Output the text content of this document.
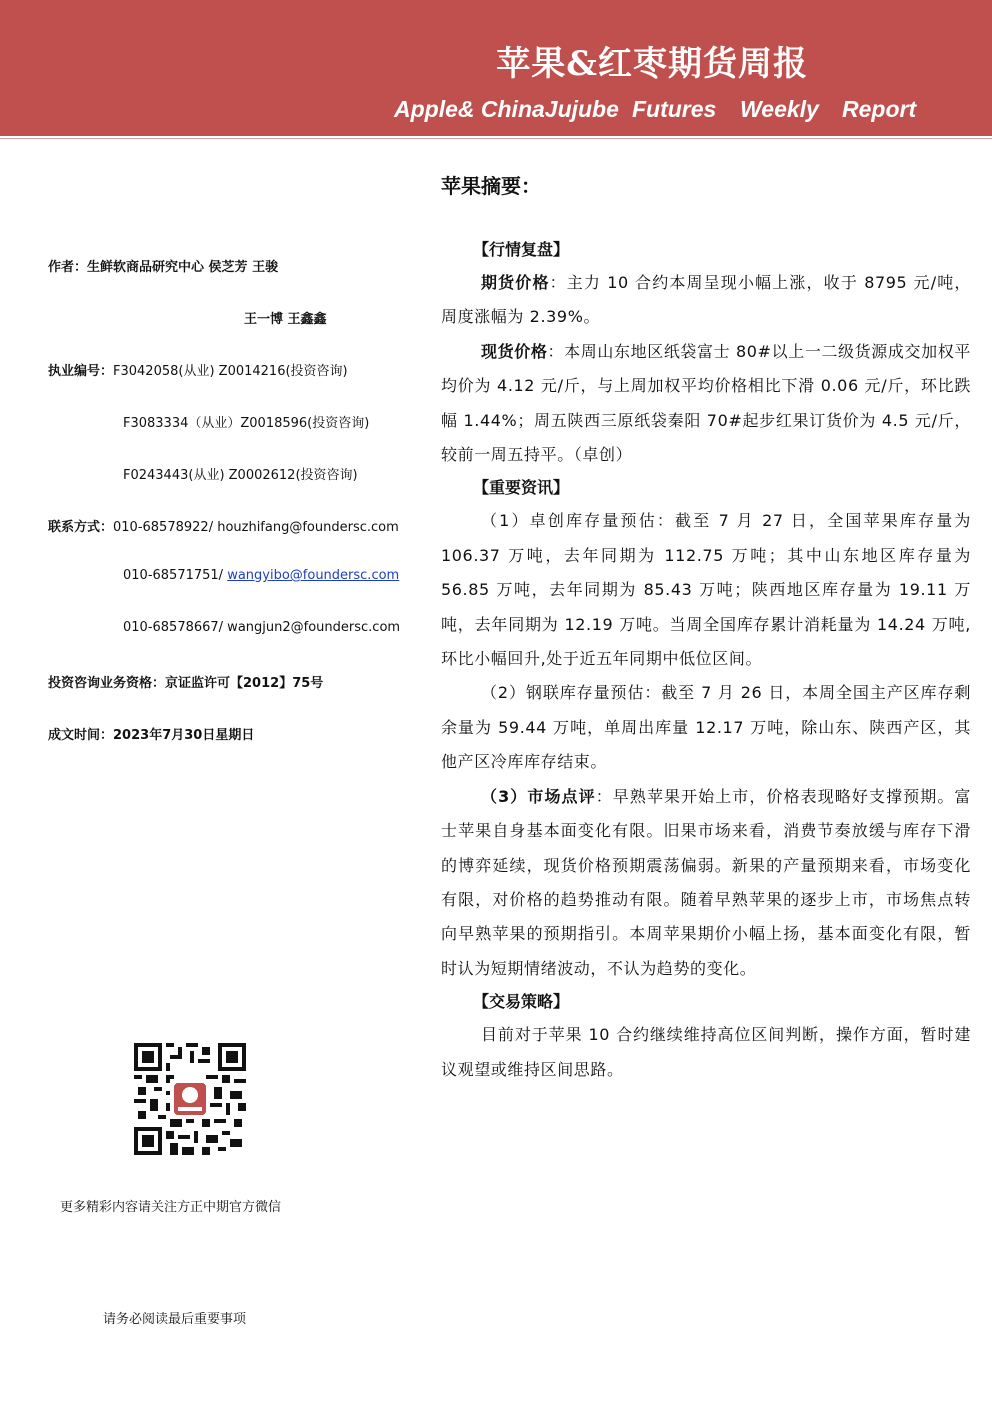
苹果&红枣期货周报
Apple& ChinaJujube Futures Weekly Report
作者：生鲜软商品研究中心 侯芝芳 王骏
王一博 王鑫鑫
执业编号：F3042058(从业) Z0014216(投资咨询)
F3083334（从业）Z0018596(投资咨询)
F0243443(从业) Z0002612(投资咨询)
联系方式：010-68578922/ houzhifang@foundersc.com
010-68571751/ wangyibo@foundersc.com
010-68578667/ wangjun2@foundersc.com
投资咨询业务资格：京证监许可【2012】75号
成文时间：2023年7月30日星期日
更多精彩内容请关注方正中期官方微信
请务必阅读最后重要事项
苹果摘要：
【行情复盘】

期货价格：主力 10 合约本周呈现小幅上涨，收于 8795 元/吨，周度涨幅为 2.39%。

现货价格：本周山东地区纸袋富士 80#以上一二级货源成交加权平均价为 4.12 元/斤，与上周加权平均价格相比下滑 0.06 元/斤，环比跌幅 1.44%；周五陕西三原纸袋秦阳 70#起步红果订货价为 4.5 元/斤，较前一周五持平。（卓创）

【重要资讯】

（1）卓创库存量预估：截至 7 月 27 日，全国苹果库存量为 106.37 万吨，去年同期为 112.75 万吨；其中山东地区库存量为 56.85 万吨，去年同期为 85.43 万吨；陕西地区库存量为 19.11 万吨，去年同期为 12.19 万吨。当周全国库存累计消耗量为 14.24 万吨,环比小幅回升,处于近五年同期中低位区间。

（2）钢联库存量预估：截至 7 月 26 日，本周全国主产区库存剩余量为 59.44 万吨，单周出库量 12.17 万吨，除山东、陕西产区，其他产区冷库库存结束。

（3）市场点评：早熟苹果开始上市，价格表现略好支撑预期。富士苹果自身基本面变化有限。旧果市场来看，消费节奏放缓与库存下滑的博弈延续，现货价格预期震荡偏弱。新果的产量预期来看，市场变化有限，对价格的趋势推动有限。随着早熟苹果的逐步上市，市场焦点转向早熟苹果的预期指引。本周苹果期价小幅上扬，基本面变化有限，暂时认为短期情绪波动，不认为趋势的变化。

【交易策略】

目前对于苹果 10 合约继续维持高位区间判断，操作方面，暂时建议观望或维持区间思路。
